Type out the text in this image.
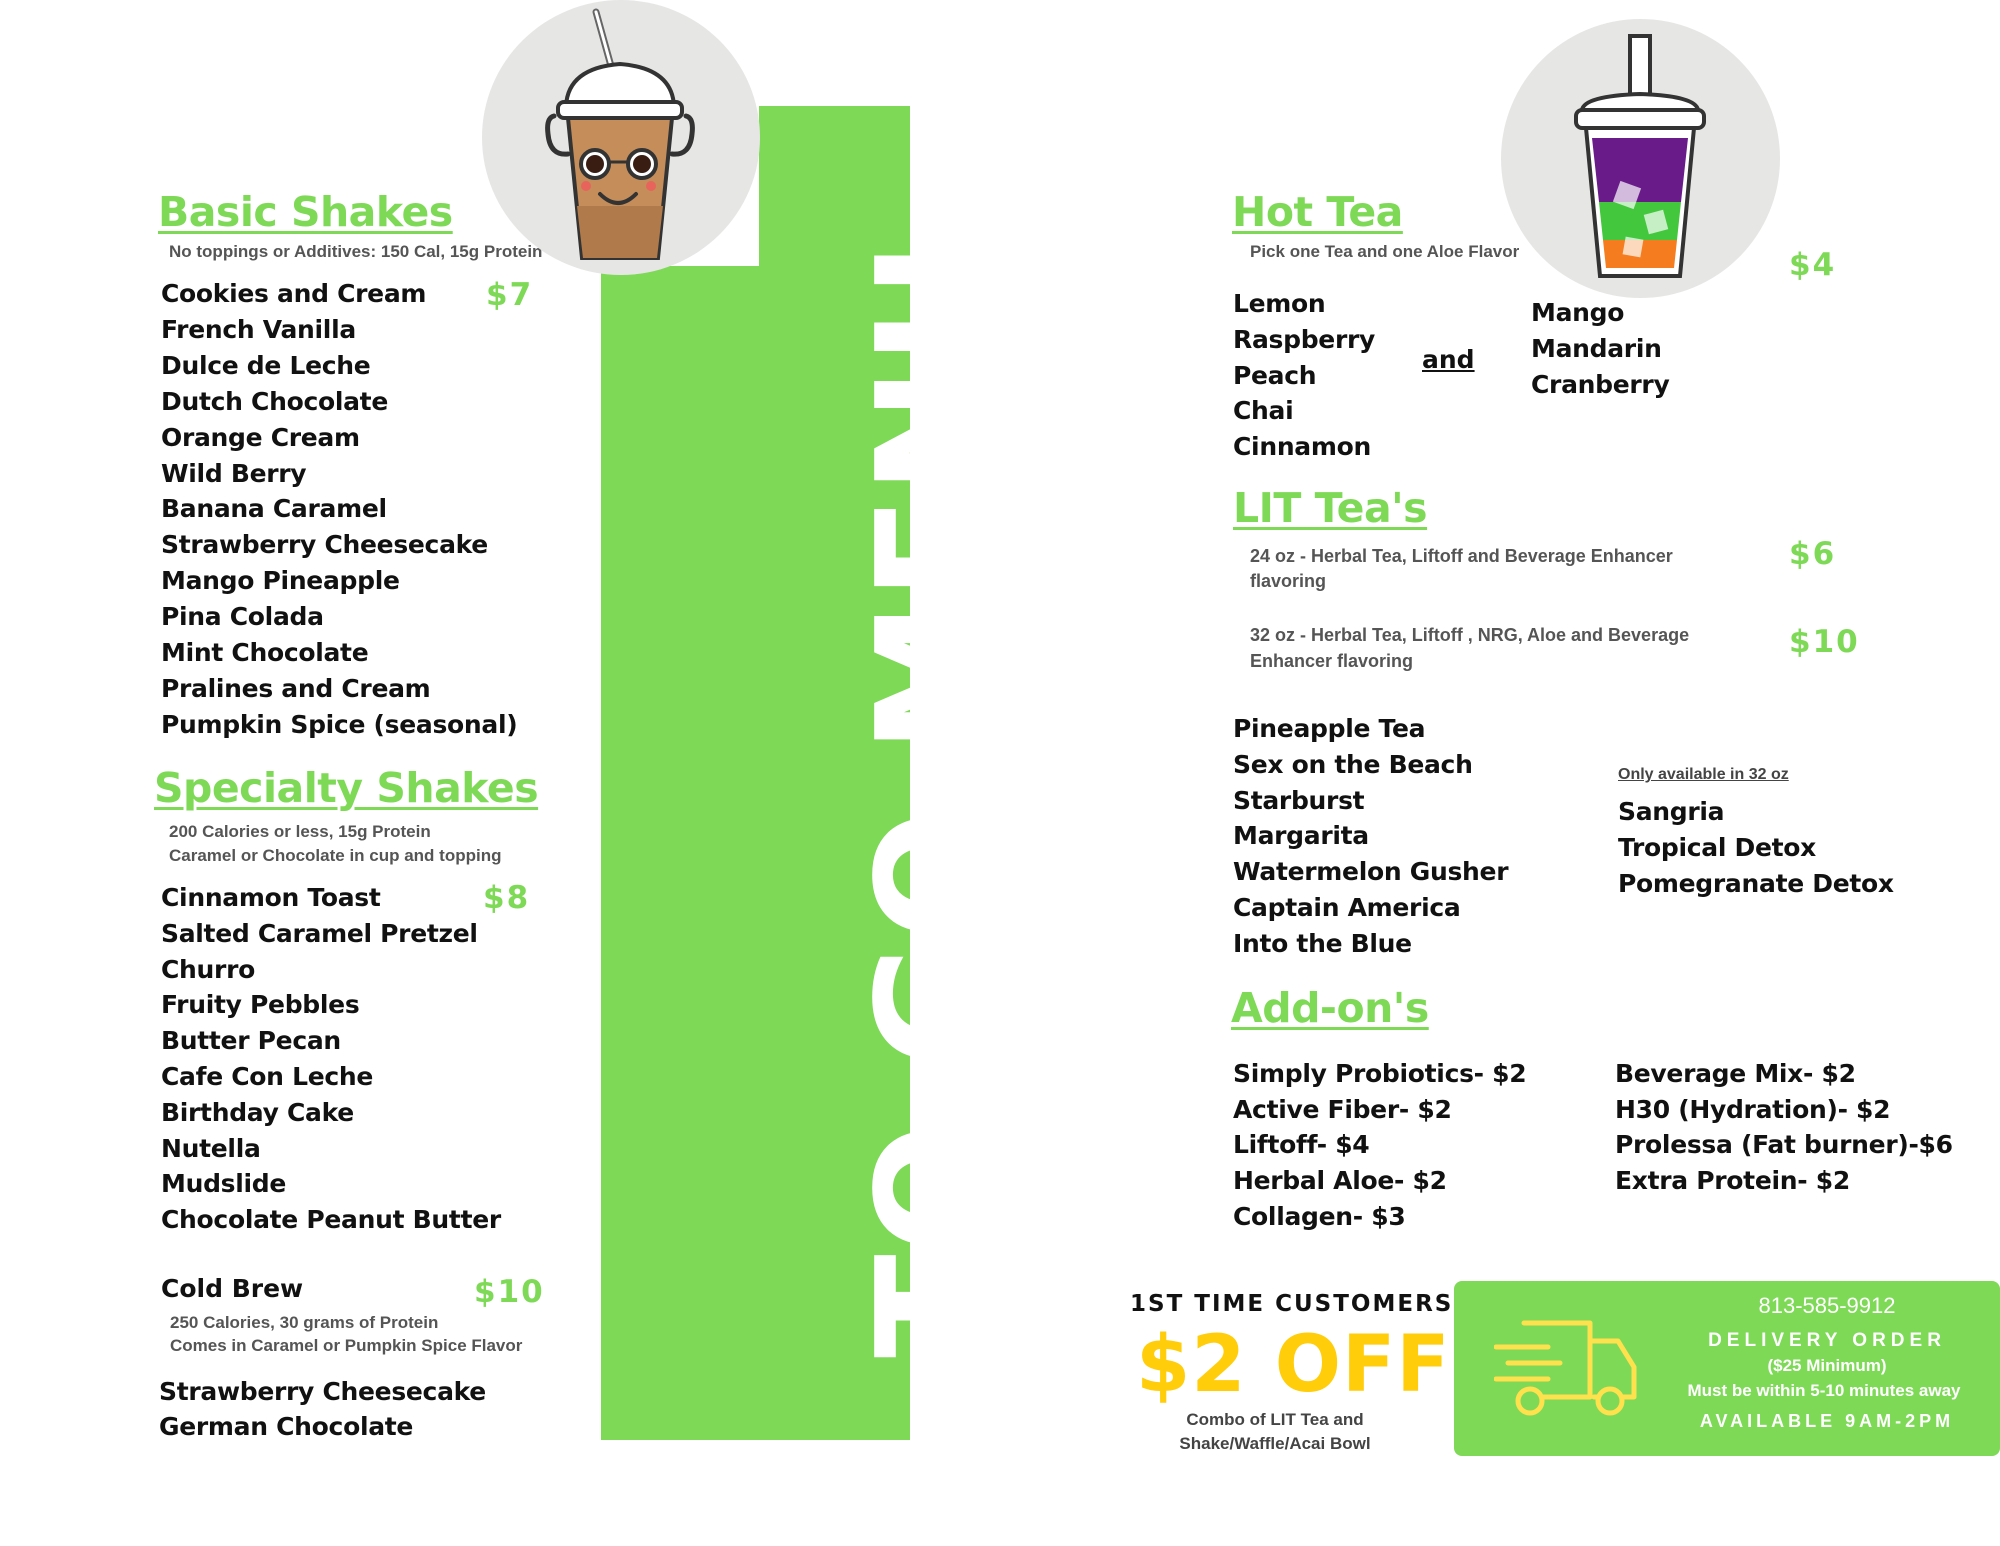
Basic Shakes
No toppings or Additives: 150 Cal, 15g Protein
$7
Cookies and Cream
French Vanilla
Dulce de Leche
Dutch Chocolate
Orange Cream
Wild Berry
Banana Caramel
Strawberry Cheesecake
Mango Pineapple
Pina Colada
Mint Chocolate
Pralines and Cream
Pumpkin Spice (seasonal)
Specialty Shakes
200 Calories or less, 15g Protein
Caramel or Chocolate in cup and topping
$8
Cinnamon Toast
Salted Caramel Pretzel
Churro
Fruity Pebbles
Butter Pecan
Cafe Con Leche
Birthday Cake
Nutella
Mudslide
Chocolate Peanut Butter
Cold Brew	$10
250 Calories, 30 grams of Protein
Comes in Caramel or Pumpkin Spice Flavor
Strawberry Cheesecake
German Chocolate
TO GO MENU
Hot Tea
Pick one Tea and one Aloe Flavor	$4
Lemon
Raspberry
Peach
Chai
Cinnamon
and
Mango
Mandarin
Cranberry
LIT Tea's
24 oz - Herbal Tea, Liftoff and Beverage Enhancer
flavoring
$6
32 oz - Herbal Tea, Liftoff , NRG, Aloe and Beverage
Enhancer flavoring
$10
Pineapple Tea
Sex on the Beach
Starburst
Margarita
Watermelon Gusher
Captain America
Into the Blue
Only available in 32 oz
Sangria
Tropical Detox
Pomegranate Detox
Add-on's
Simply Probiotics- $2
Active Fiber- $2
Liftoff- $4
Herbal Aloe- $2
Collagen- $3
Beverage Mix- $2
H30 (Hydration)- $2
Prolessa (Fat burner)-$6
Extra Protein- $2
1ST TIME CUSTOMERS
$2 OFF
Combo of LIT Tea and
Shake/Waffle/Acai Bowl
813-585-9912
DELIVERY ORDER
($25 Minimum)
Must be within 5-10 minutes away
AVAILABLE 9AM-2PM
